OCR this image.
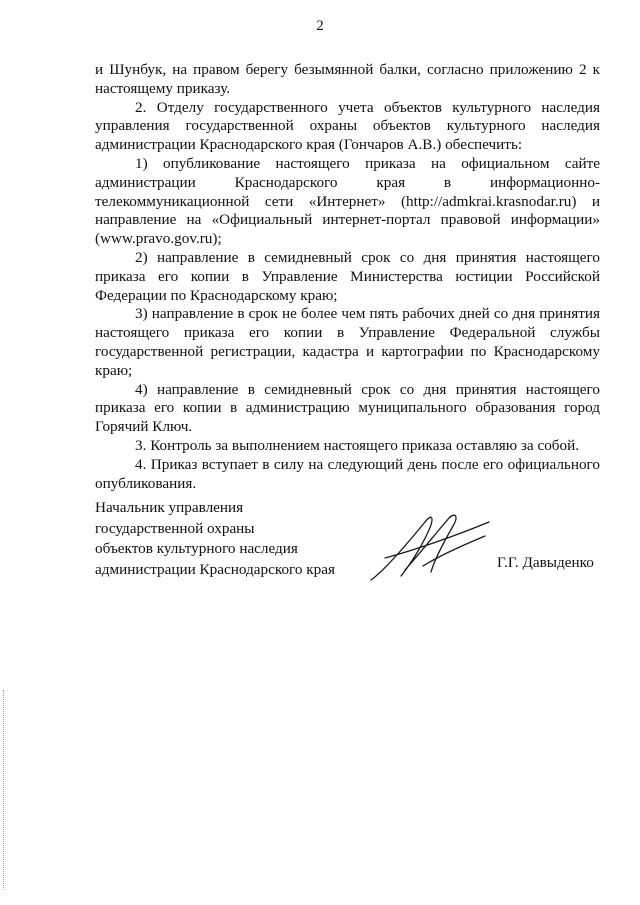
2

и Шунбук, на правом берегу безымянной балки, согласно приложению 2 к настоящему приказу.

2. Отделу государственного учета объектов культурного наследия управления государственной охраны объектов культурного наследия администрации Краснодарского края (Гончаров А.В.) обеспечить:

1) опубликование настоящего приказа на официальном сайте администрации Краснодарского края в информационно-телекоммуникационной сети «Интернет» (http://admkrai.krasnodar.ru) и направление на «Официальный интернет-портал правовой информации» (www.pravo.gov.ru);

2) направление в семидневный срок со дня принятия настоящего приказа его копии в Управление Министерства юстиции Российской Федерации по Краснодарскому краю;

3) направление в срок не более чем пять рабочих дней со дня принятия настоящего приказа его копии в Управление Федеральной службы государственной регистрации, кадастра и картографии по Краснодарскому краю;

4) направление в семидневный срок со дня принятия настоящего приказа его копии в администрацию муниципального образования город Горячий Ключ.

3. Контроль за выполнением настоящего приказа оставляю за собой.

4. Приказ вступает в силу на следующий день после его официального опубликования.

Начальник управления
государственной охраны
объектов культурного наследия
администрации Краснодарского края	Г.Г. Давыденко
